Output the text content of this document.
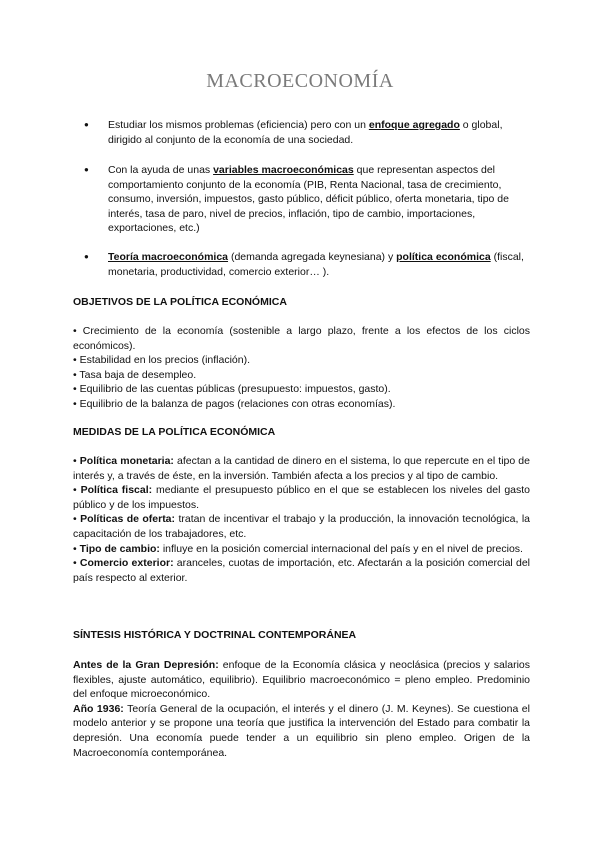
MACROECONOMÍA
● Estudiar los mismos problemas (eficiencia) pero con un enfoque agregado o global, dirigido al conjunto de la economía de una sociedad.
● Con la ayuda de unas variables macroeconómicas que representan aspectos del comportamiento conjunto de la economía (PIB, Renta Nacional, tasa de crecimiento, consumo, inversión, impuestos, gasto público, déficit público, oferta monetaria, tipo de interés, tasa de paro, nivel de precios, inflación, tipo de cambio, importaciones, exportaciones, etc.)
● Teoría macroeconómica (demanda agregada keynesiana) y política económica (fiscal, monetaria, productividad, comercio exterior… ).
OBJETIVOS DE LA POLÍTICA ECONÓMICA

• Crecimiento de la economía (sostenible a largo plazo, frente a los efectos de los ciclos económicos).

• Estabilidad en los precios (inflación).

• Tasa baja de desempleo.

• Equilibrio de las cuentas públicas (presupuesto: impuestos, gasto).

• Equilibrio de la balanza de pagos (relaciones con otras economías).

MEDIDAS DE LA POLÍTICA ECONÓMICA

• Política monetaria: afectan a la cantidad de dinero en el sistema, lo que repercute en el tipo de interés y, a través de éste, en la inversión. También afecta a los precios y al tipo de cambio.

• Política fiscal: mediante el presupuesto público en el que se establecen los niveles del gasto público y de los impuestos.

• Políticas de oferta: tratan de incentivar el trabajo y la producción, la innovación tecnológica, la capacitación de los trabajadores, etc.

• Tipo de cambio: influye en la posición comercial internacional del país y en el nivel de precios.

• Comercio exterior: aranceles, cuotas de importación, etc. Afectarán a la posición comercial del país respecto al exterior.

SÍNTESIS HISTÓRICA Y DOCTRINAL CONTEMPORÁNEA

Antes de la Gran Depresión: enfoque de la Economía clásica y neoclásica (precios y salarios flexibles, ajuste automático, equilibrio). Equilibrio macroeconómico = pleno empleo. Predominio del enfoque microeconómico.

Año 1936: Teoría General de la ocupación, el interés y el dinero (J. M. Keynes). Se cuestiona el modelo anterior y se propone una teoría que justifica la intervención del Estado para combatir la depresión. Una economía puede tender a un equilibrio sin pleno empleo. Origen de la Macroeconomía contemporánea.
